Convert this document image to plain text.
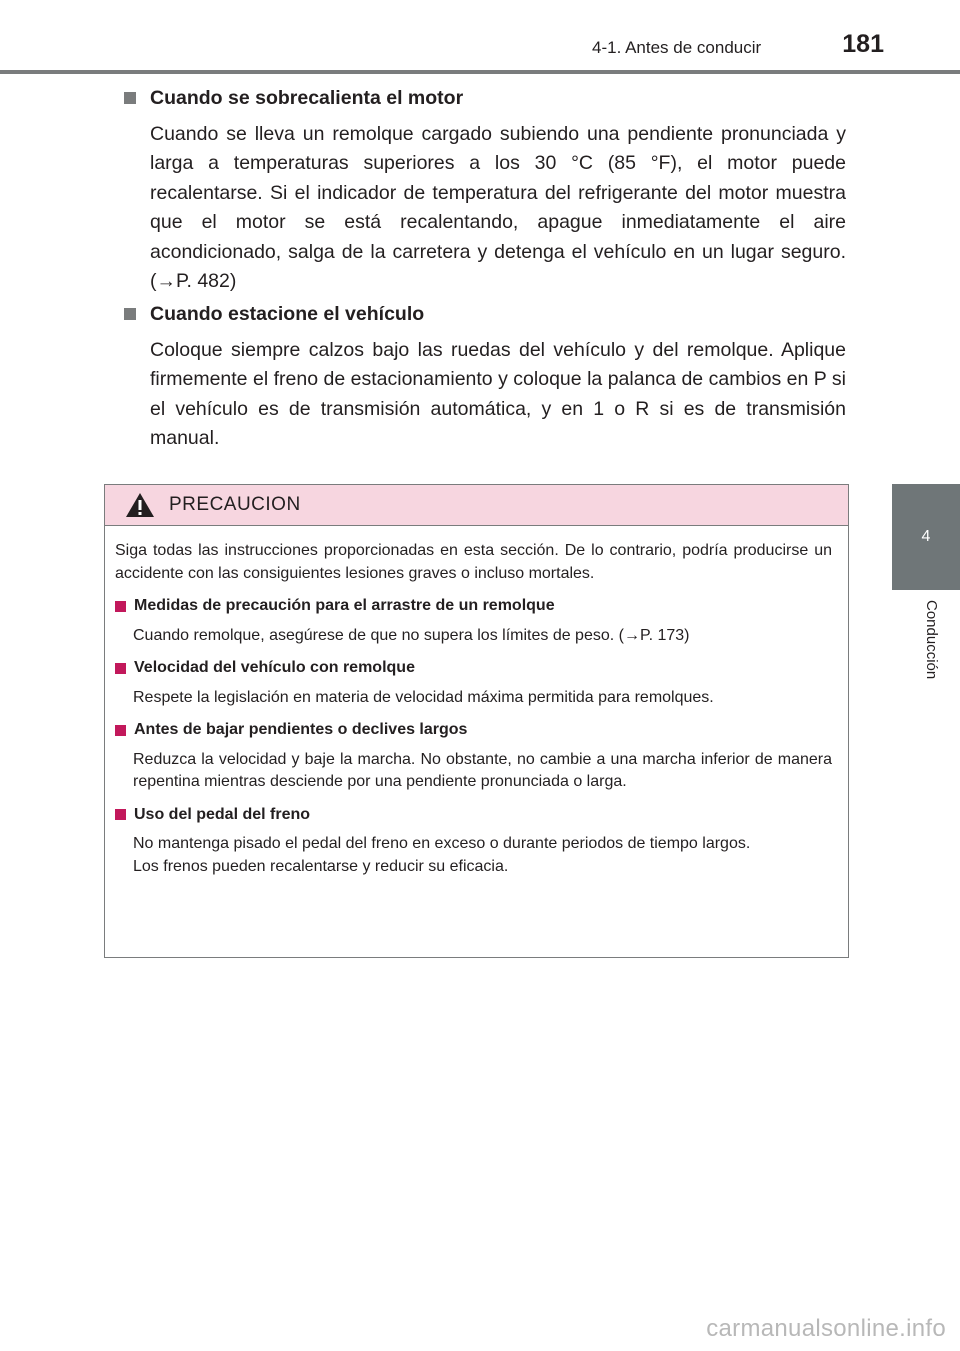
4-1. Antes de conducir	181
4
Conducción
Cuando se sobrecalienta el motor
Cuando se lleva un remolque cargado subiendo una pendiente pronunciada y larga a temperaturas superiores a los 30 °C (85 °F), el motor puede recalentarse. Si el indicador de temperatura del refrigerante del motor muestra que el motor se está recalentando, apague inmediatamente el aire acondicionado, salga de la carretera y detenga el vehículo en un lugar seguro. (→P. 482)
Cuando estacione el vehículo
Coloque siempre calzos bajo las ruedas del vehículo y del remolque. Aplique firmemente el freno de estacionamiento y coloque la palanca de cambios en P si el vehículo es de transmisión automática, y en 1 o R si es de transmisión manual.
PRECAUCION
Siga todas las instrucciones proporcionadas en esta sección. De lo contrario, podría producirse un accidente con las consiguientes lesiones graves o incluso mortales.
Medidas de precaución para el arrastre de un remolque

Cuando remolque, asegúrese de que no supera los límites de peso. (→P. 173)

Velocidad del vehículo con remolque

Respete la legislación en materia de velocidad máxima permitida para remolques.

Antes de bajar pendientes o declives largos

Reduzca la velocidad y baje la marcha. No obstante, no cambie a una marcha inferior de manera repentina mientras desciende por una pendiente pronunciada o larga.

Uso del pedal del freno

No mantenga pisado el pedal del freno en exceso o durante periodos de tiempo largos.

Los frenos pueden recalentarse y reducir su eficacia.

carmanualsonline.info
